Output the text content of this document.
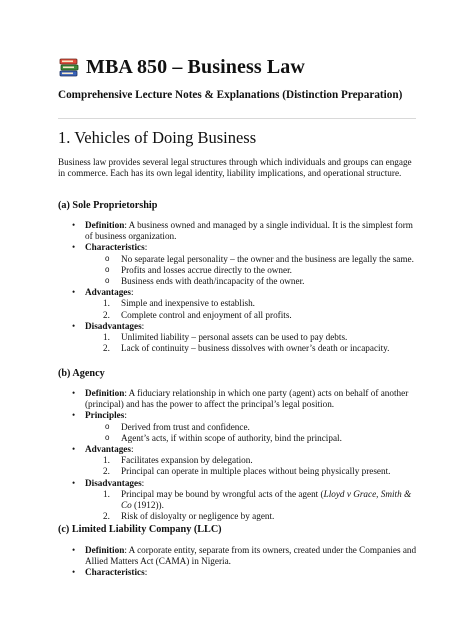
MBA 850 – Business Law
Comprehensive Lecture Notes & Explanations (Distinction Preparation)
1. Vehicles of Doing Business
Business law provides several legal structures through which individuals and groups can engage in commerce. Each has its own legal identity, liability implications, and operational structure.
(a) Sole Proprietorship
• Definition: A business owned and managed by a single individual. It is the simplest form of business organization.
• Characteristics:
o No separate legal personality – the owner and the business are legally the same.
o Profits and losses accrue directly to the owner.
o Business ends with death/incapacity of the owner.
• Advantages:
1. Simple and inexpensive to establish.
2. Complete control and enjoyment of all profits.
• Disadvantages:
1. Unlimited liability – personal assets can be used to pay debts.
2. Lack of continuity – business dissolves with owner’s death or incapacity.
(b) Agency
• Definition: A fiduciary relationship in which one party (agent) acts on behalf of another (principal) and has the power to affect the principal’s legal position.
• Principles:
o Derived from trust and confidence.
o Agent’s acts, if within scope of authority, bind the principal.
• Advantages:
1. Facilitates expansion by delegation.
2. Principal can operate in multiple places without being physically present.
• Disadvantages:
1. Principal may be bound by wrongful acts of the agent (Lloyd v Grace, Smith & Co (1912)).
2. Risk of disloyalty or negligence by agent.
(c) Limited Liability Company (LLC)
• Definition: A corporate entity, separate from its owners, created under the Companies and Allied Matters Act (CAMA) in Nigeria.
• Characteristics:
